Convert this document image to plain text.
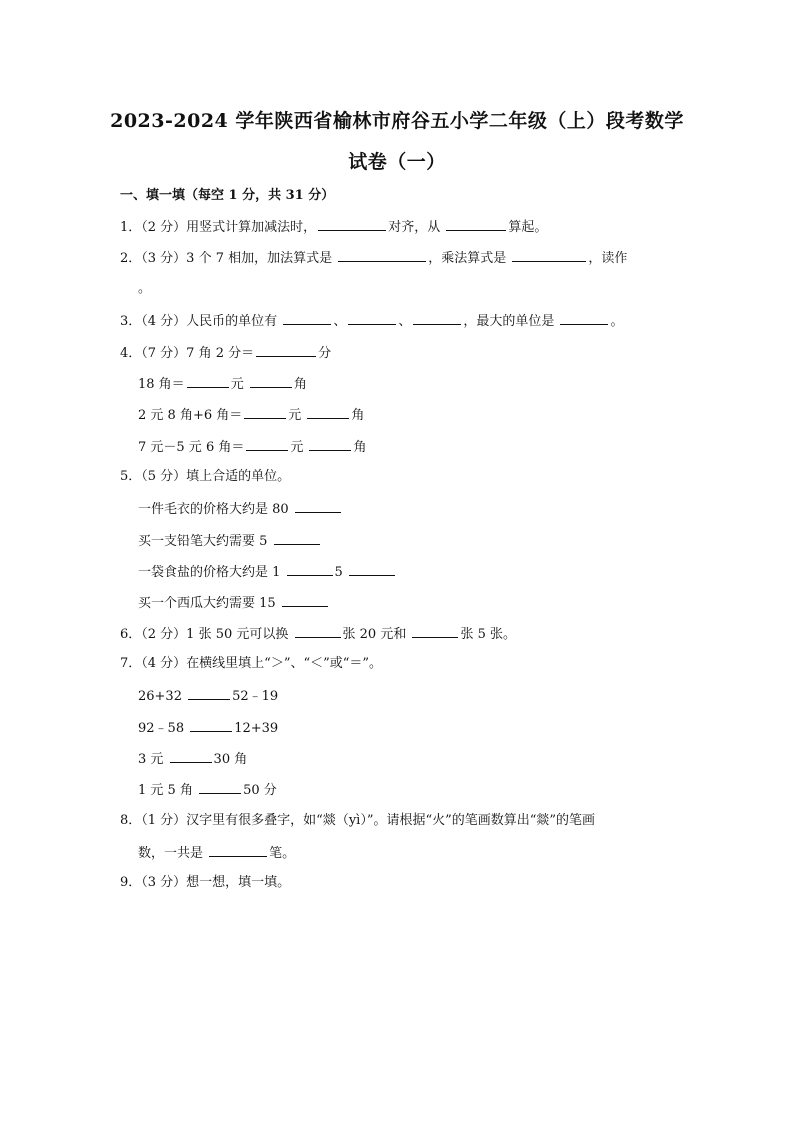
2023-2024 学年陕西省榆林市府谷五小学二年级（上）段考数学
试卷（一）
一、填一填（每空 1 分，共 31 分）
1．（2 分）用竖式计算加减法时，	对齐，从	算起。
2．（3 分）3 个 7 相加，加法算式是	，乘法算式是	，读作
。
3．（4 分）人民币的单位有	、	、	，最大的单位是	。
4．（7 分）7 角 2 分＝	分
18 角＝	元	角
2 元 8 角+6 角＝	元	角
7 元－5 元 6 角＝	元	角
5．（5 分）填上合适的单位。
一件毛衣的价格大约是 80
买一支铅笔大约需要 5
一袋食盐的价格大约是 1	5
买一个西瓜大约需要 15
6．（2 分）1 张 50 元可以换	张 20 元和	张 5 张。
7．（4 分）在横线里填上“＞”、“＜”或“＝”。
26+32	52﹣19
92﹣58	12+39
3 元	30 角
1 元 5 角	50 分
8．（1 分）汉字里有很多叠字，如“燚（yì）”。请根据“火”的笔画数算出“燚”的笔画
数，一共是	笔。
9．（3 分）想一想，填一填。
